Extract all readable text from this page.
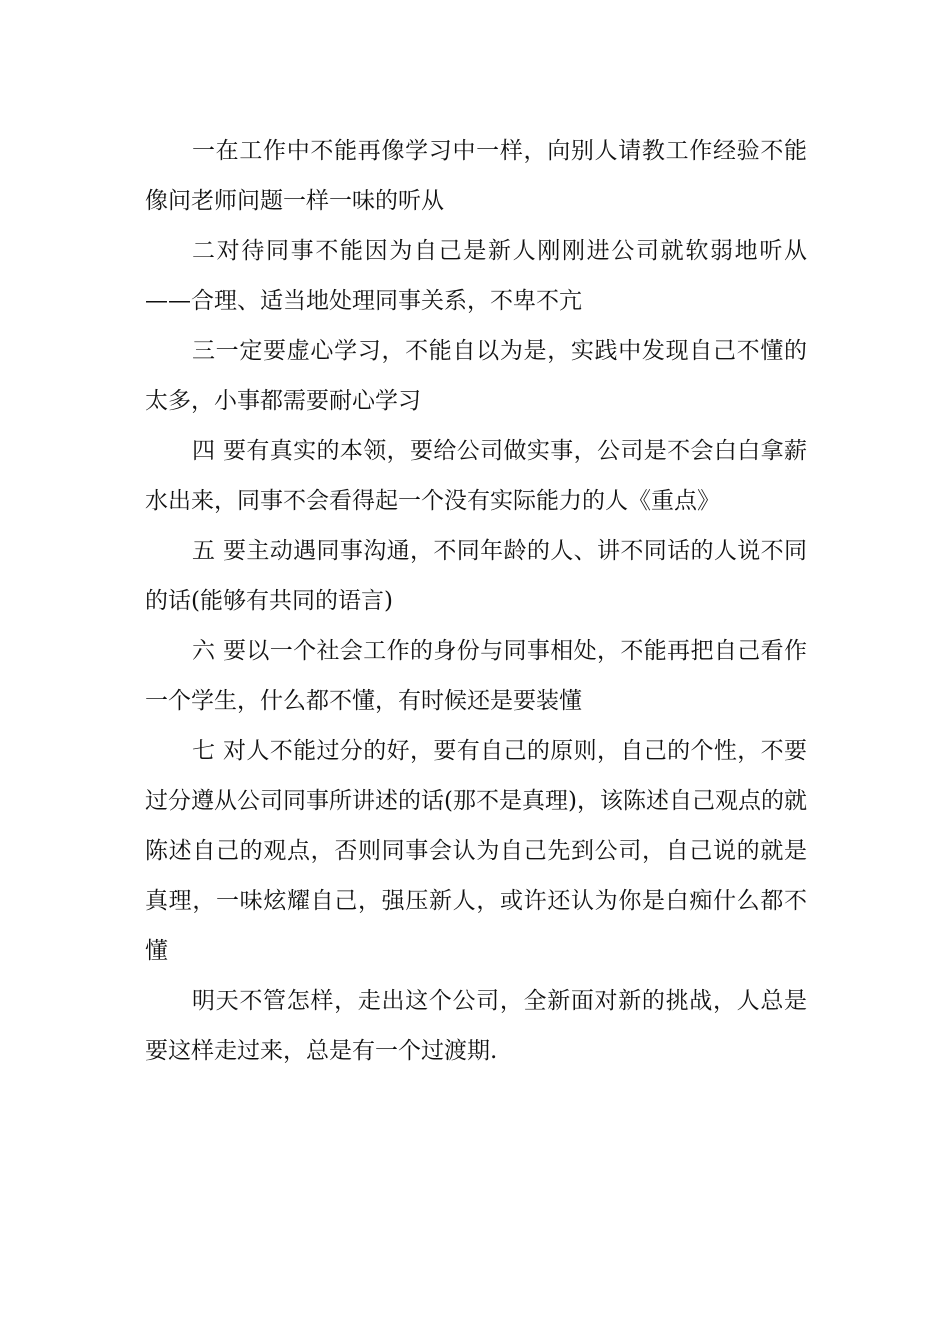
一在工作中不能再像学习中一样，向别人请教工作经验不能像问老师问题一样一味的听从

二对待同事不能因为自己是新人刚刚进公司就软弱地听从——合理、适当地处理同事关系，不卑不亢

三一定要虚心学习，不能自以为是，实践中发现自己不懂的太多，小事都需要耐心学习

四 要有真实的本领，要给公司做实事，公司是不会白白拿薪水出来，同事不会看得起一个没有实际能力的人《重点》

五 要主动遇同事沟通，不同年龄的人、讲不同话的人说不同的话(能够有共同的语言)

六 要以一个社会工作的身份与同事相处，不能再把自己看作一个学生，什么都不懂，有时候还是要装懂

七 对人不能过分的好，要有自己的原则，自己的个性，不要过分遵从公司同事所讲述的话(那不是真理)，该陈述自己观点的就陈述自己的观点，否则同事会认为自己先到公司，自己说的就是真理，一味炫耀自己，强压新人，或许还认为你是白痴什么都不懂

明天不管怎样，走出这个公司，全新面对新的挑战，人总是要这样走过来，总是有一个过渡期.
